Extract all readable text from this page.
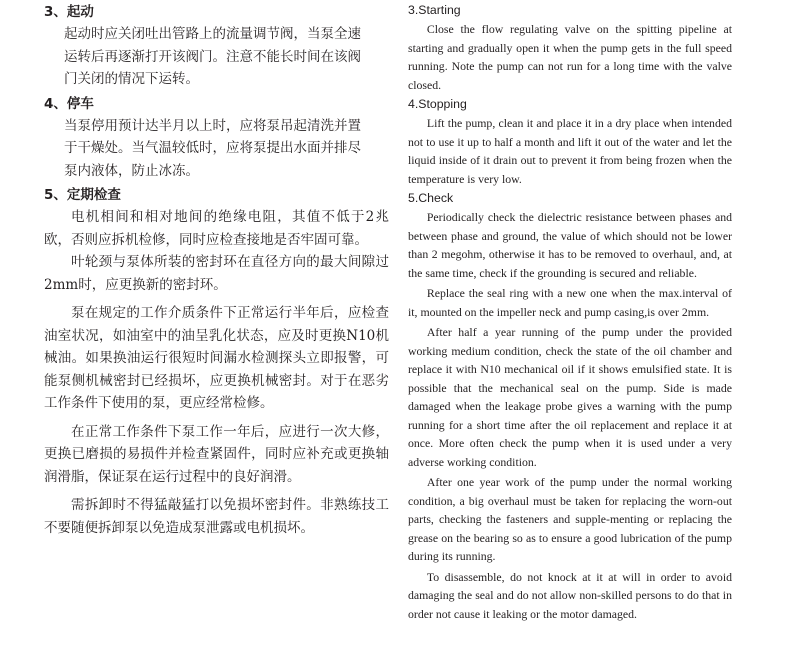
3、起动
起动时应关闭吐出管路上的流量调节阀，当泵全速
运转后再逐渐打开该阀门。注意不能长时间在该阀
门关闭的情况下运转。
4、停车
当泵停用预计达半月以上时，应将泵吊起清洗并置
于干燥处。当气温较低时，应将泵提出水面并排尽
泵内液体，防止冰冻。
5、定期检查

电机相间和相对地间的绝缘电阻，其值不低于2兆欧，否则应拆机检修，同时应检查接地是否牢固可靠。

叶轮颈与泵体所装的密封环在直径方向的最大间隙过2mm时，应更换新的密封环。

泵在规定的工作介质条件下正常运行半年后，应检查油室状况，如油室中的油呈乳化状态，应及时更换N10机械油。如果换油运行很短时间漏水检测探头立即报警，可能泵侧机械密封已经损坏，应更换机械密封。对于在恶劣工作条件下使用的泵，更应经常检修。

在正常工作条件下泵工作一年后，应进行一次大修，更换已磨损的易损件并检查紧固件，同时应补充或更换轴润滑脂，保证泵在运行过程中的良好润滑。

需拆卸时不得猛敲猛打以免损坏密封件。非熟练技工不要随便拆卸泵以免造成泵泄露或电机损坏。

3.Starting

Close the flow regulating valve on the spitting pipeline at starting and gradually open it when the pump gets in the full speed running. Note the pump can not run for a long time with the valve closed.

4.Stopping

Lift the pump, clean it and place it in a dry place when intended not to use it up to half a month and lift it out of the water and let the liquid inside of it drain out to prevent it from being frozen when the temperature is very low.

5.Check

Periodically check the dielectric resistance between phases and between phase and ground, the value of which should not be lower than 2 megohm, otherwise it has to be removed to overhaul, and, at the same time, check if the grounding is secured and reliable.

Replace the seal ring with a new one when the max.interval of it, mounted on the impeller neck and pump casing,is over 2mm.

After half a year running of the pump under the provided working medium condition, check the state of the oil chamber and replace it with N10 mechanical oil if it shows emulsified state. It is possible that the mechanical seal on the pump. Side is made damaged when the leakage probe gives a warning with the pump running for a short time after the oil replacement and replace it at once. More often check the pump when it is used under a very adverse working condition.

After one year work of the pump under the normal working condition, a big overhaul must be taken for replacing the worn-out parts, checking the fasteners and supple-menting or replacing the grease on the bearing so as to ensure a good lubrication of the pump during its running.

To disassemble, do not knock at it at will in order to avoid damaging the seal and do not allow non-skilled persons to do that in order not cause it leaking or the motor damaged.
